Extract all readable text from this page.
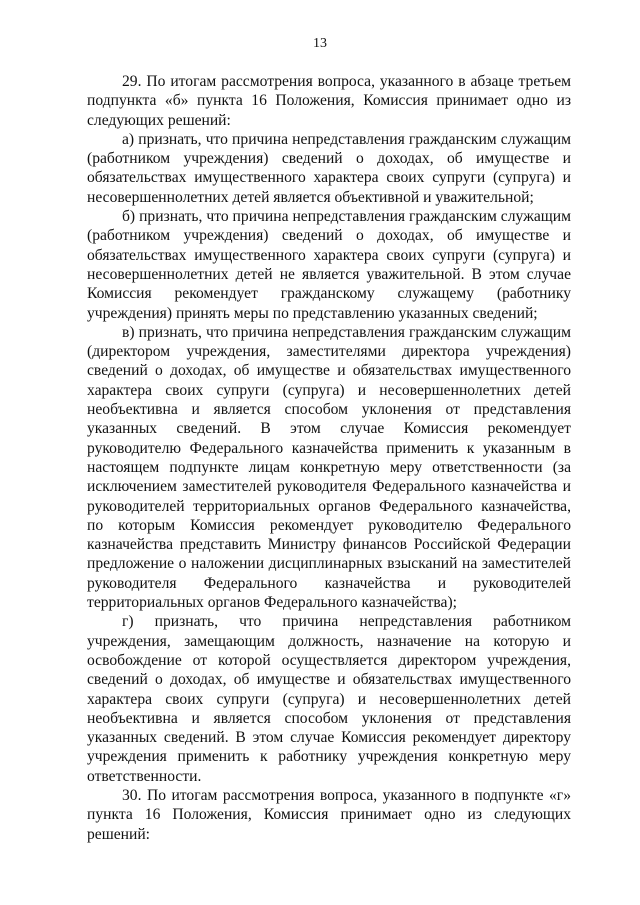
13

29. По итогам рассмотрения вопроса, указанного в абзаце третьем подпункта «б» пункта 16 Положения, Комиссия принимает одно из следующих решений:

а) признать, что причина непредставления гражданским служащим (работником учреждения) сведений о доходах, об имуществе и обязательствах имущественного характера своих супруги (супруга) и несовершеннолетних детей является объективной и уважительной;

б) признать, что причина непредставления гражданским служащим (работником учреждения) сведений о доходах, об имуществе и обязательствах имущественного характера своих супруги (супруга) и несовершеннолетних детей не является уважительной. В этом случае Комиссия рекомендует гражданскому служащему (работнику учреждения) принять меры по представлению указанных сведений;

в) признать, что причина непредставления гражданским служащим (директором учреждения, заместителями директора учреждения) сведений о доходах, об имуществе и обязательствах имущественного характера своих супруги (супруга) и несовершеннолетних детей необъективна и является способом уклонения от представления указанных сведений. В этом случае Комиссия рекомендует руководителю Федерального казначейства применить к указанным в настоящем подпункте лицам конкретную меру ответственности (за исключением заместителей руководителя Федерального казначейства и руководителей территориальных органов Федерального казначейства, по которым Комиссия рекомендует руководителю Федерального казначейства представить Министру финансов Российской Федерации предложение о наложении дисциплинарных взысканий на заместителей руководителя Федерального казначейства и руководителей территориальных органов Федерального казначейства);

г) признать, что причина непредставления работником учреждения, замещающим должность, назначение на которую и освобождение от которой осуществляется директором учреждения, сведений о доходах, об имуществе и обязательствах имущественного характера своих супруги (супруга) и несовершеннолетних детей необъективна и является способом уклонения от представления указанных сведений. В этом случае Комиссия рекомендует директору учреждения применить к работнику учреждения конкретную меру ответственности.

30. По итогам рассмотрения вопроса, указанного в подпункте «г» пункта 16 Положения, Комиссия принимает одно из следующих решений:
